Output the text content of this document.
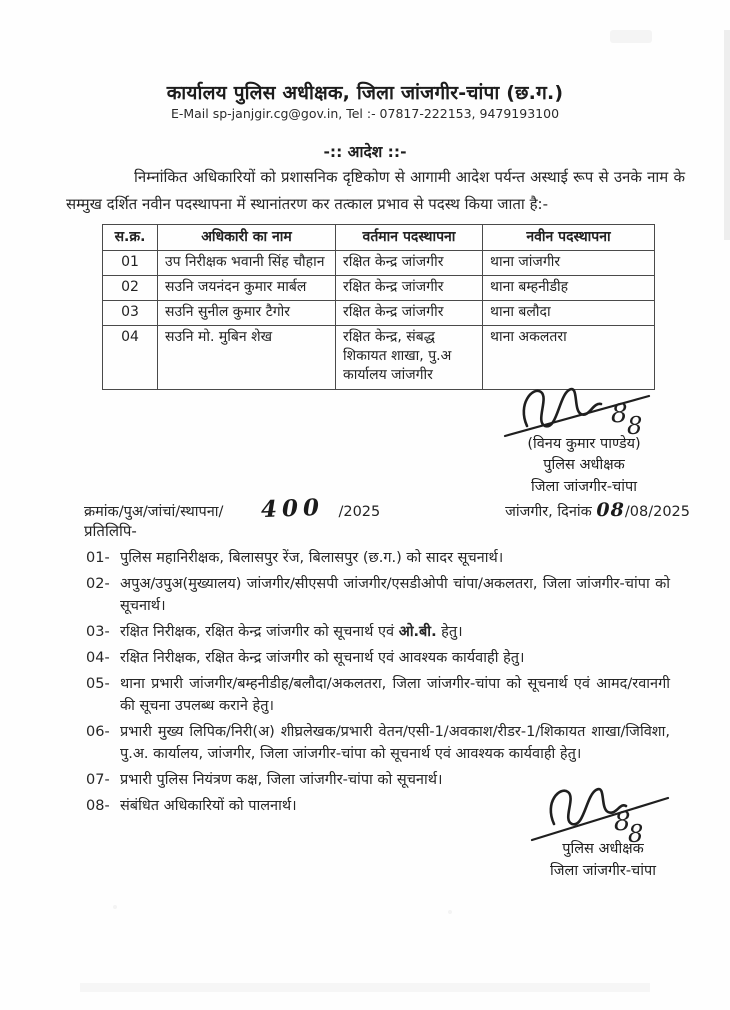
कार्यालय पुलिस अधीक्षक, जिला जांजगीर-चांपा (छ.ग.)
E-Mail sp-janjgir.cg@gov.in, Tel :- 07817-222153, 9479193100
-:: आदेश ::-
निम्नांकित अधिकारियों को प्रशासनिक दृष्टिकोण से आगामी आदेश पर्यन्त अस्थाई रूप से उनके नाम के सम्मुख दर्शित नवीन पदस्थापना में स्थानांतरण कर तत्काल प्रभाव से पदस्थ किया जाता है:-
स.क्र.	अधिकारी का नाम	वर्तमान पदस्थापना	नवीन पदस्थापना
01	उप निरीक्षक भवानी सिंह चौहान	रक्षित केन्द्र जांजगीर	थाना जांजगीर
02	सउनि जयनंदन कुमार मार्बल	रक्षित केन्द्र जांजगीर	थाना बम्हनीडीह
03	सउनि सुनील कुमार टैगोर	रक्षित केन्द्र जांजगीर	थाना बलौदा
04	सउनि मो. मुबिन शेख	रक्षित केन्द्र, संबद्ध शिकायत शाखा, पु.अ कार्यालय जांजगीर	थाना अकलतरा
8 8
(विनय कुमार पाण्डेय)
पुलिस अधीक्षक
जिला जांजगीर-चांपा
क्रमांक/पुअ/जांचां/स्थापना/ 400 /2025	जांजगीर, दिनांक 08/08/2025
प्रतिलिपि-
01- पुलिस महानिरीक्षक, बिलासपुर रेंज, बिलासपुर (छ.ग.) को सादर सूचनार्थ।
02- अपुअ/उपुअ(मुख्यालय) जांजगीर/सीएसपी जांजगीर/एसडीओपी चांपा/अकलतरा, जिला जांजगीर-चांपा को सूचनार्थ।
03- रक्षित निरीक्षक, रक्षित केन्द्र जांजगीर को सूचनार्थ एवं ओ.बी. हेतु।
04- रक्षित निरीक्षक, रक्षित केन्द्र जांजगीर को सूचनार्थ एवं आवश्यक कार्यवाही हेतु।
05- थाना प्रभारी जांजगीर/बम्हनीडीह/बलौदा/अकलतरा, जिला जांजगीर-चांपा को सूचनार्थ एवं आमद/रवानगी की सूचना उपलब्ध कराने हेतु।
06- प्रभारी मुख्य लिपिक/निरी(अ) शीघ्रलेखक/प्रभारी वेतन/एसी-1/अवकाश/रीडर-1/शिकायत शाखा/जिविशा, पु.अ. कार्यालय, जांजगीर, जिला जांजगीर-चांपा को सूचनार्थ एवं आवश्यक कार्यवाही हेतु।
07- प्रभारी पुलिस नियंत्रण कक्ष, जिला जांजगीर-चांपा को सूचनार्थ।
08- संबंधित अधिकारियों को पालनार्थ।
8
8
पुलिस अधीक्षक
जिला जांजगीर-चांपा
